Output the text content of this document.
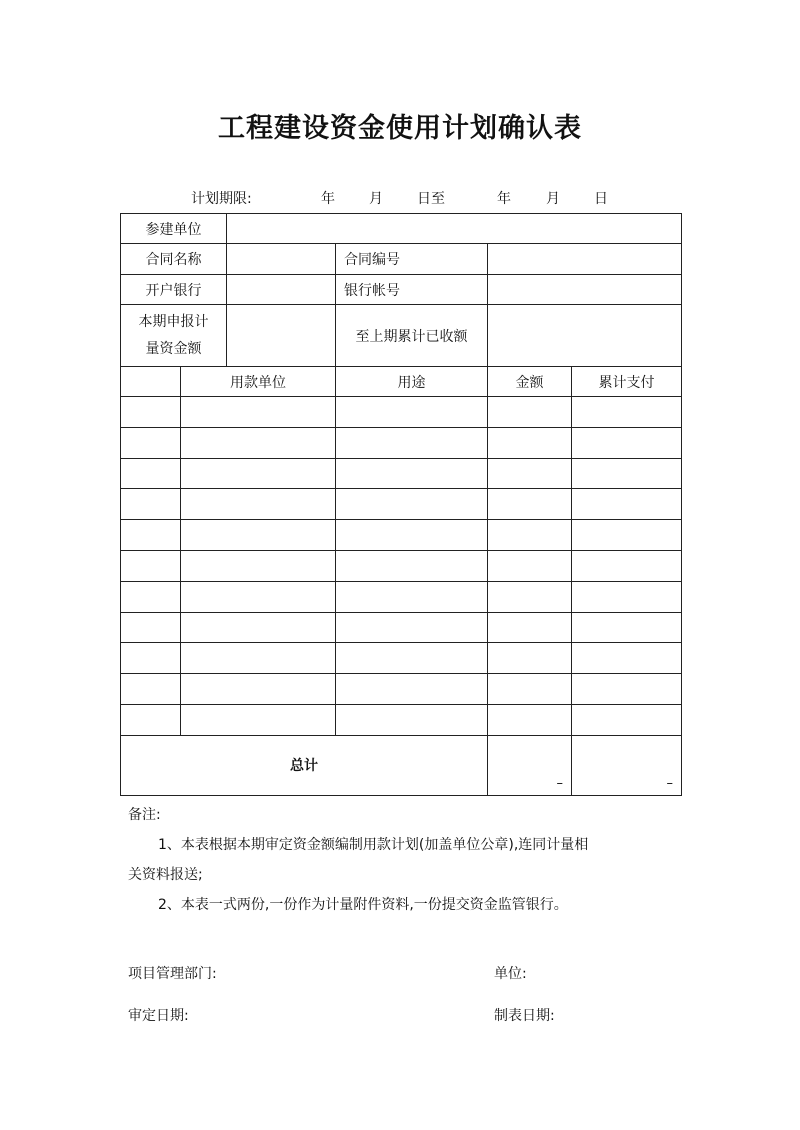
工程建设资金使用计划确认表
计划期限:	年 月 日至	年	月 日
参建单位					
合同名称			合同编号		
开户银行			银行帐号		

本期申报计
量资金额			至上期累计已收额		
	用款单位		用途	金额	累计支付

总计				–	–

备注:

1、本表根据本期审定资金额编制用款计划(加盖单位公章),连同计量相

关资料报送;

2、本表一式两份,一份作为计量附件资料,一份提交资金监管银行。

项目管理部门:	单位:
审定日期:	制表日期:
